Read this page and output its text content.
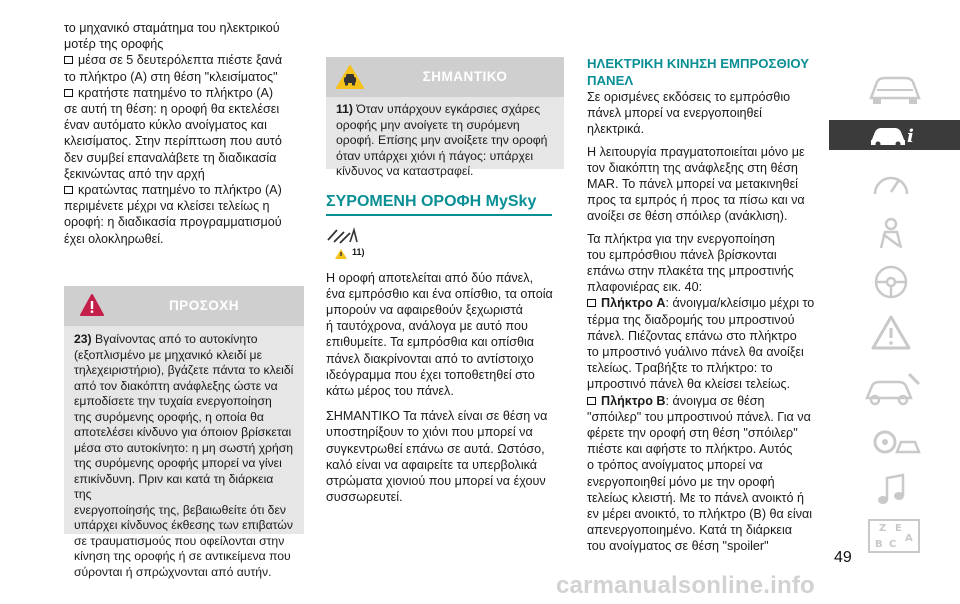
το μηχανικό σταμάτημα του ηλεκτρικού

μοτέρ της οροφής

μέσα σε 5 δευτερόλεπτα πιέστε ξανά

το πλήκτρο (A) στη θέση "κλεισίματος"

κρατήστε πατημένο το πλήκτρο (A)

σε αυτή τη θέση: η οροφή θα εκτελέσει

έναν αυτόματο κύκλο ανοίγματος και

κλεισίματος. Στην περίπτωση που αυτό

δεν συμβεί επαναλάβετε τη διαδικασία

ξεκινώντας από την αρχή

κρατώντας πατημένο το πλήκτρο (A)

περιμένετε μέχρι να κλείσει τελείως η

οροφή: η διαδικασία προγραμματισμού

έχει ολοκληρωθεί.

ΠΡΟΣΟΧΗ
23) Βγαίνοντας από το αυτοκίνητο
(εξοπλισμένο με μηχανικό κλειδί με
τηλεχειριστήριο), βγάζετε πάντα το κλειδί
από τον διακόπτη ανάφλεξης ώστε να
εμποδίσετε την τυχαία ενεργοποίηση
της συρόμενης οροφής, η οποία θα
αποτελέσει κίνδυνο για όποιον βρίσκεται
μέσα στο αυτοκίνητο: η μη σωστή χρήση
της συρόμενης οροφής μπορεί να γίνει
επικίνδυνη. Πριν και κατά τη διάρκεια της
ενεργοποίησής της, βεβαιωθείτε ότι δεν
υπάρχει κίνδυνος έκθεσης των επιβατών
σε τραυματισμούς που οφείλονται στην
κίνηση της οροφής ή σε αντικείμενα που
σύρονται ή σπρώχνονται από αυτήν.
ΣΗΜΑΝΤΙΚΟ
11) Όταν υπάρχουν εγκάρσιες σχάρες
οροφής μην ανοίγετε τη συρόμενη
οροφή. Επίσης μην ανοίξετε την οροφή
όταν υπάρχει χιόνι ή πάγος: υπάρχει
κίνδυνος να καταστραφεί.
ΣΥΡΟΜΕΝΗ ΟΡΟΦΗ MySky
11)

Η οροφή αποτελείται από δύο πάνελ,

ένα εμπρόσθιο και ένα οπίσθιο, τα οποία

μπορούν να αφαιρεθούν ξεχωριστά

ή ταυτόχρονα, ανάλογα με αυτό που

επιθυμείτε. Τα εμπρόσθια και οπίσθια

πάνελ διακρίνονται από το αντίστοιχο

ιδεόγραμμα που έχει τοποθετηθεί στο

κάτω μέρος του πάνελ.

ΣΗΜΑΝΤΙΚΟ Τα πάνελ είναι σε θέση να

υποστηρίξουν το χιόνι που μπορεί να

συγκεντρωθεί επάνω σε αυτά. Ωστόσο,

καλό είναι να αφαιρείτε τα υπερβολικά

στρώματα χιονιού που μπορεί να έχουν

συσσωρευτεί.

ΗΛΕΚΤΡΙΚΗ ΚΙΝΗΣΗ ΕΜΠΡΟΣΘΙΟΥ
ΠΑΝΕΛ

Σε ορισμένες εκδόσεις το εμπρόσθιο

πάνελ μπορεί να ενεργοποιηθεί

ηλεκτρικά.

Η λειτουργία πραγματοποιείται μόνο με

τον διακόπτη της ανάφλεξης στη θέση

MAR. Το πάνελ μπορεί να μετακινηθεί

προς τα εμπρός ή προς τα πίσω και να

ανοίξει σε θέση σπόιλερ (ανάκλιση).

Τα πλήκτρα για την ενεργοποίηση

του εμπρόσθιου πάνελ βρίσκονται

επάνω στην πλακέτα της μπροστινής

πλαφονιέρας εικ. 40:

Πλήκτρο A: άνοιγμα/κλείσιμο μέχρι το

τέρμα της διαδρομής του μπροστινού

πάνελ. Πιέζοντας επάνω στο πλήκτρο

το μπροστινό γυάλινο πάνελ θα ανοίξει

τελείως. Τραβήξτε το πλήκτρο: το

μπροστινό πάνελ θα κλείσει τελείως.

Πλήκτρο B: άνοιγμα σε θέση

"σπόιλερ" του μπροστινού πάνελ. Για να

φέρετε την οροφή στη θέση "σπόιλερ"

πιέστε και αφήστε το πλήκτρο. Αυτός

ο τρόπος ανοίγματος μπορεί να

ενεργοποιηθεί μόνο με την οροφή

τελείως κλειστή. Με το πάνελ ανοικτό ή

εν μέρει ανοικτό, το πλήκτρο (B) θα είναι

απενεργοποιημένο. Κατά τη διάρκεια

του ανοίγματος σε θέση "spoiler"

i
Z E
B C
A
49
carmanualsonline.info
